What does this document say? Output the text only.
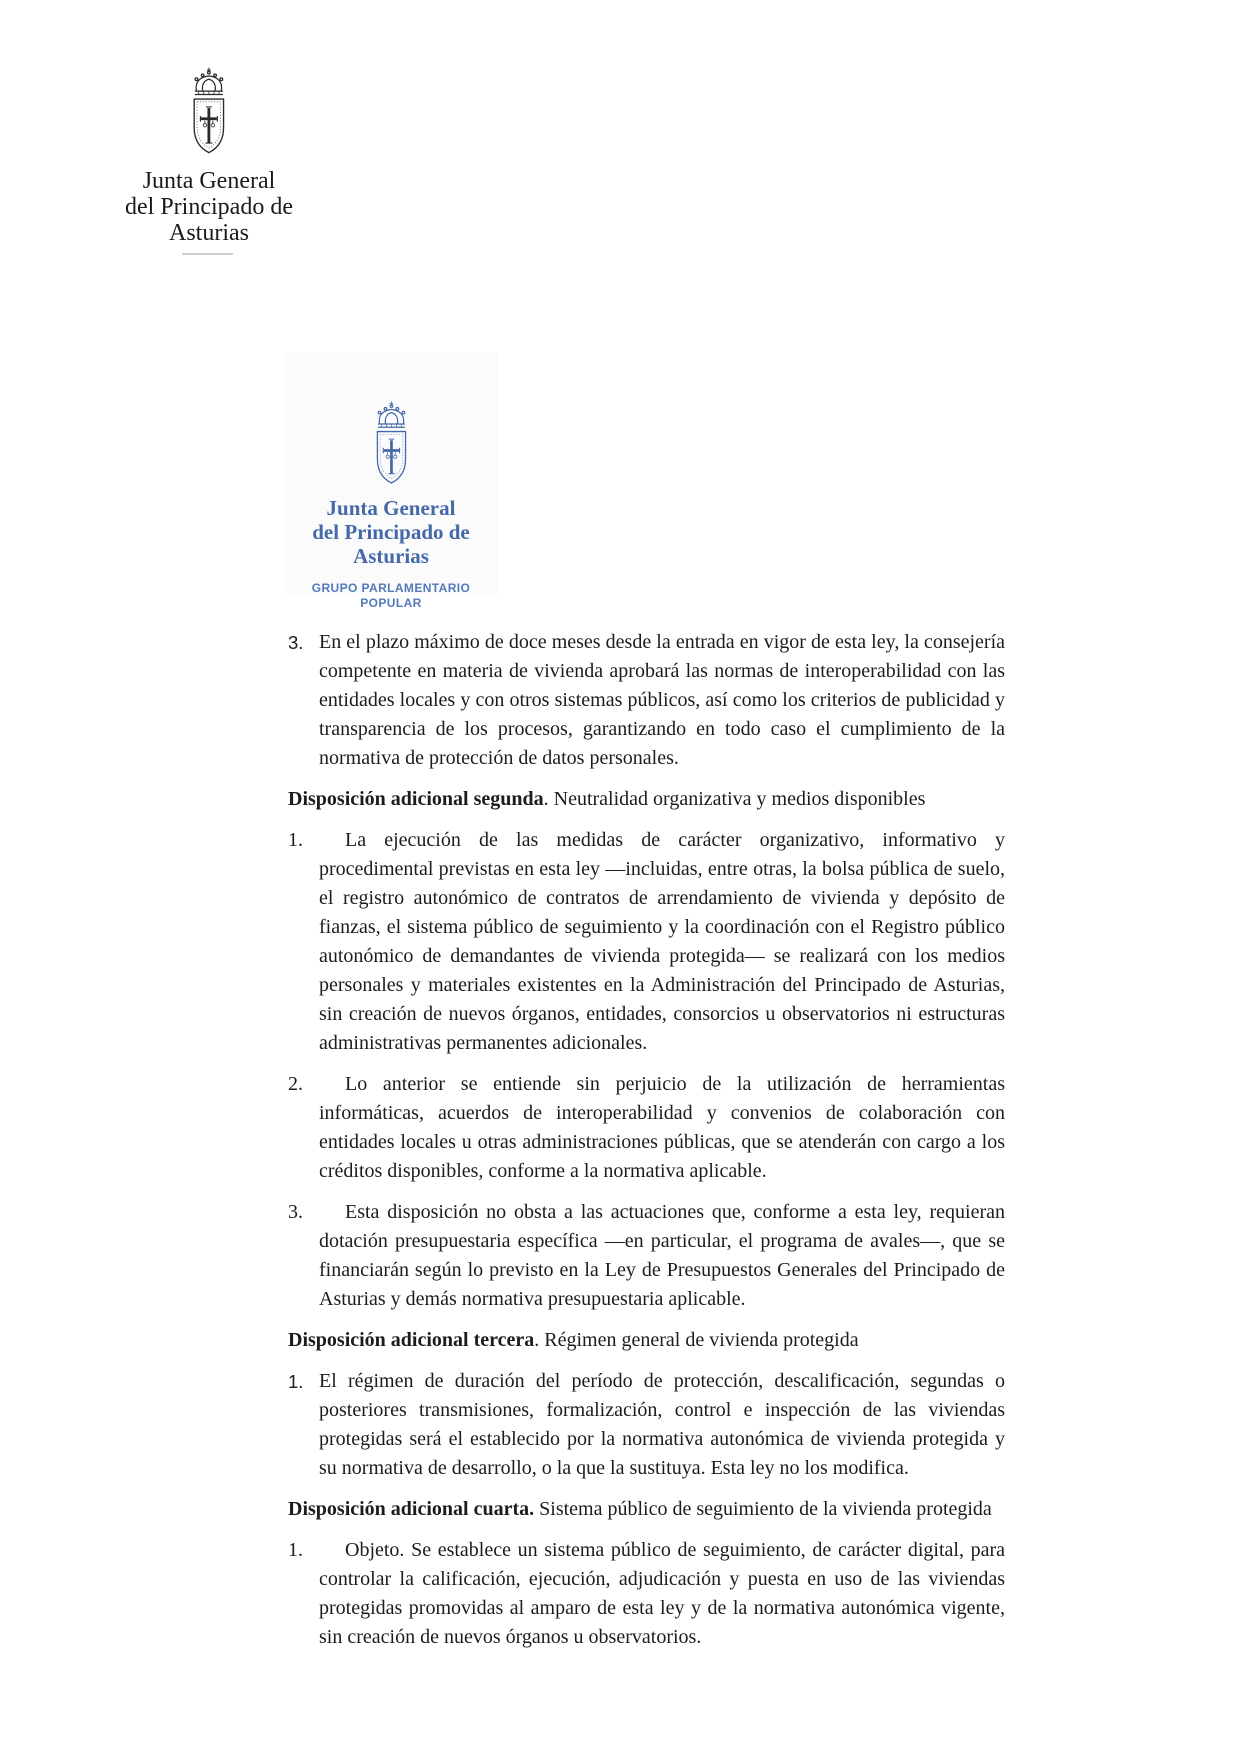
Junta General
del Principado de Asturias
Junta General
del Principado de Asturias
GRUPO PARLAMENTARIO
POPULAR
3. En el plazo máximo de doce meses desde la entrada en vigor de esta ley, la consejería competente en materia de vivienda aprobará las normas de interoperabilidad con las entidades locales y con otros sistemas públicos, así como los criterios de publicidad y transparencia de los procesos, garantizando en todo caso el cumplimiento de la normativa de protección de datos personales.

Disposición adicional segunda. Neutralidad organizativa y medios disponibles

1.	La ejecución de las medidas de carácter organizativo, informativo y procedimental previstas en esta ley —incluidas, entre otras, la bolsa pública de suelo, el registro autonómico de contratos de arrendamiento de vivienda y depósito de fianzas, el sistema público de seguimiento y la coordinación con el Registro público autonómico de demandantes de vivienda protegida— se realizará con los medios personales y materiales existentes en la Administración del Principado de Asturias, sin creación de nuevos órganos, entidades, consorcios u observatorios ni estructuras administrativas permanentes adicionales.
2.	Lo anterior se entiende sin perjuicio de la utilización de herramientas informáticas, acuerdos de interoperabilidad y convenios de colaboración con entidades locales u otras administraciones públicas, que se atenderán con cargo a los créditos disponibles, conforme a la normativa aplicable.
3.	Esta disposición no obsta a las actuaciones que, conforme a esta ley, requieran dotación presupuestaria específica —en particular, el programa de avales—, que se financiarán según lo previsto en la Ley de Presupuestos Generales del Principado de Asturias y demás normativa presupuestaria aplicable.

Disposición adicional tercera. Régimen general de vivienda protegida

1. El régimen de duración del período de protección, descalificación, segundas o posteriores transmisiones, formalización, control e inspección de las viviendas protegidas será el establecido por la normativa autonómica de vivienda protegida y su normativa de desarrollo, o la que la sustituya. Esta ley no los modifica.

Disposición adicional cuarta. Sistema público de seguimiento de la vivienda protegida

1.	Objeto. Se establece un sistema público de seguimiento, de carácter digital, para controlar la calificación, ejecución, adjudicación y puesta en uso de las viviendas protegidas promovidas al amparo de esta ley y de la normativa autonómica vigente, sin creación de nuevos órganos u observatorios.
